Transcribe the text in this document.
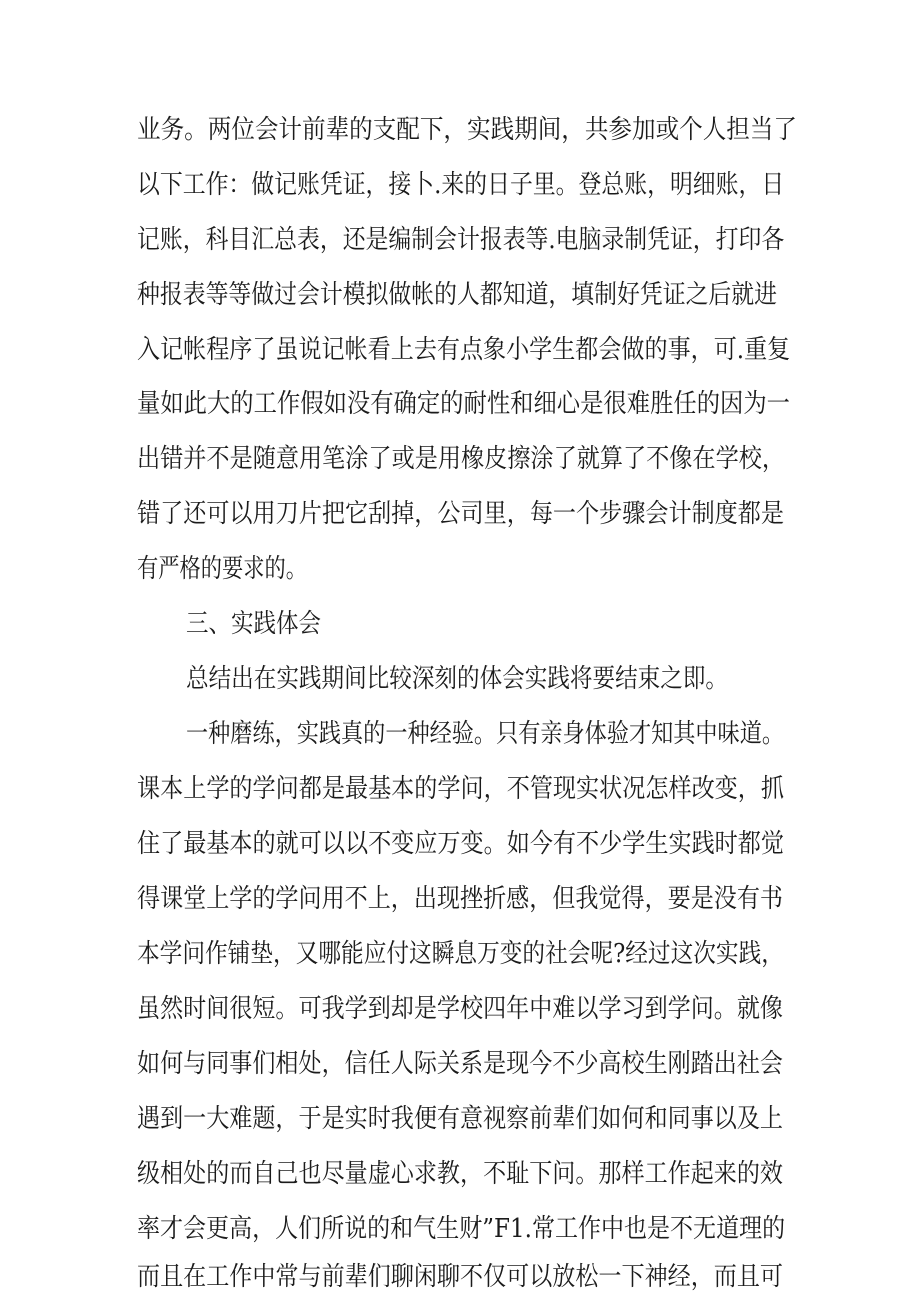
业务。两位会计前辈的支配下，实践期间，共参加或个人担当了
以下工作：做记账凭证，接卜.来的日子里。登总账，明细账，日
记账，科目汇总表，还是编制会计报表等.电脑录制凭证，打印各
种报表等等做过会计模拟做帐的人都知道，填制好凭证之后就进
入记帐程序了虽说记帐看上去有点象小学生都会做的事，可.重复
量如此大的工作假如没有确定的耐性和细心是很难胜任的因为一
出错并不是随意用笔涂了或是用橡皮擦涂了就算了不像在学校，
错了还可以用刀片把它刮掉，公司里，每一个步骤会计制度都是
有严格的要求的。
三、实践体会
总结出在实践期间比较深刻的体会实践将要结束之即。
一种磨练，实践真的一种经验。只有亲身体验才知其中味道。
课本上学的学问都是最基本的学问，不管现实状况怎样改变，抓
住了最基本的就可以以不变应万变。如今有不少学生实践时都觉
得课堂上学的学问用不上，出现挫折感，但我觉得，要是没有书
本学问作铺垫，又哪能应付这瞬息万变的社会呢?经过这次实践，
虽然时间很短。可我学到却是学校四年中难以学习到学问。就像
如何与同事们相处，信任人际关系是现今不少高校生刚踏出社会
遇到一大难题，于是实时我便有意视察前辈们如何和同事以及上
级相处的而自己也尽量虚心求教，不耻下问。那样工作起来的效
率才会更高，人们所说的和气生财”F1.常工作中也是不无道理的
而且在工作中常与前辈们聊闲聊不仅可以放松一下神经，而且可
